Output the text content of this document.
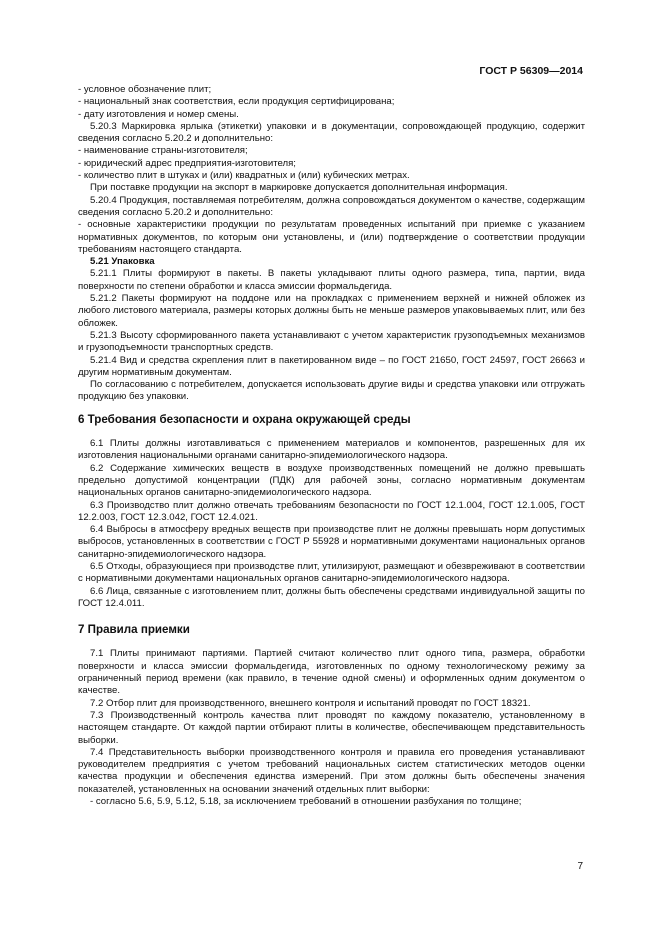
ГОСТ Р 56309—2014

- условное обозначение плит;

- национальный знак соответствия, если продукция сертифицирована;

- дату изготовления и номер смены.

5.20.3 Маркировка ярлыка (этикетки) упаковки и в документации, сопровождающей продукцию, содержит сведения согласно 5.20.2 и дополнительно:

- наименование страны-изготовителя;

- юридический адрес предприятия-изготовителя;

- количество плит в штуках и (или) квадратных и (или) кубических метрах.

При поставке продукции на экспорт в маркировке допускается дополнительная информация.

5.20.4 Продукция, поставляемая потребителям, должна сопровождаться документом о качестве, содержащим сведения согласно 5.20.2 и дополнительно:

- основные характеристики продукции по результатам проведенных испытаний при приемке с указанием нормативных документов, по которым они установлены, и (или) подтверждение о соответствии продукции требованиям настоящего стандарта.

5.21 Упаковка

5.21.1 Плиты формируют в пакеты. В пакеты укладывают плиты одного размера, типа, партии, вида поверхности по степени обработки и класса эмиссии формальдегида.

5.21.2 Пакеты формируют на поддоне или на прокладках с применением верхней и нижней обложек из любого листового материала, размеры которых должны быть не меньше размеров упаковываемых плит, или без обложек.

5.21.3 Высоту сформированного пакета устанавливают с учетом характеристик грузоподъемных механизмов и грузоподъемности транспортных средств.

5.21.4 Вид и средства скрепления плит в пакетированном виде – по ГОСТ 21650, ГОСТ 24597, ГОСТ 26663 и другим нормативным документам.

По согласованию с потребителем, допускается использовать другие виды и средства упаковки или отгружать продукцию без упаковки.

6 Требования безопасности и охрана окружающей среды

6.1 Плиты должны изготавливаться с применением материалов и компонентов, разрешенных для их изготовления национальными органами санитарно-эпидемиологического надзора.

6.2 Содержание химических веществ в воздухе производственных помещений не должно превышать предельно допустимой концентрации (ПДК) для рабочей зоны, согласно нормативным документам национальных органов санитарно-эпидемиологического надзора.

6.3 Производство плит должно отвечать требованиям безопасности по ГОСТ 12.1.004, ГОСТ 12.1.005, ГОСТ 12.2.003, ГОСТ 12.3.042, ГОСТ 12.4.021.

6.4 Выбросы в атмосферу вредных веществ при производстве плит не должны превышать норм допустимых выбросов, установленных в соответствии с ГОСТ Р 55928 и нормативными документами национальных органов санитарно-эпидемиологического надзора.

6.5 Отходы, образующиеся при производстве плит, утилизируют, размещают и обезвреживают в соответствии с нормативными документами национальных органов санитарно-эпидемиологического надзора.

6.6 Лица, связанные с изготовлением плит, должны быть обеспечены средствами индивидуальной защиты по ГОСТ 12.4.011.

7 Правила приемки

7.1 Плиты принимают партиями. Партией считают количество плит одного типа, размера, обработки поверхности и класса эмиссии формальдегида, изготовленных по одному технологическому режиму за ограниченный период времени (как правило, в течение одной смены) и оформленных одним документом о качестве.

7.2 Отбор плит для производственного, внешнего контроля и испытаний проводят по ГОСТ 18321.

7.3 Производственный контроль качества плит проводят по каждому показателю, установленному в настоящем стандарте. От каждой партии отбирают плиты в количестве, обеспечивающем представительность выборки.

7.4 Представительность выборки производственного контроля и правила его проведения устанавливают руководителем предприятия с учетом требований национальных систем статистических методов оценки качества продукции и обеспечения единства измерений. При этом должны быть обеспечены значения показателей, установленных на основании значений отдельных плит выборки:

- согласно 5.6, 5.9, 5.12, 5.18, за исключением требований в отношении разбухания по толщине;

7
